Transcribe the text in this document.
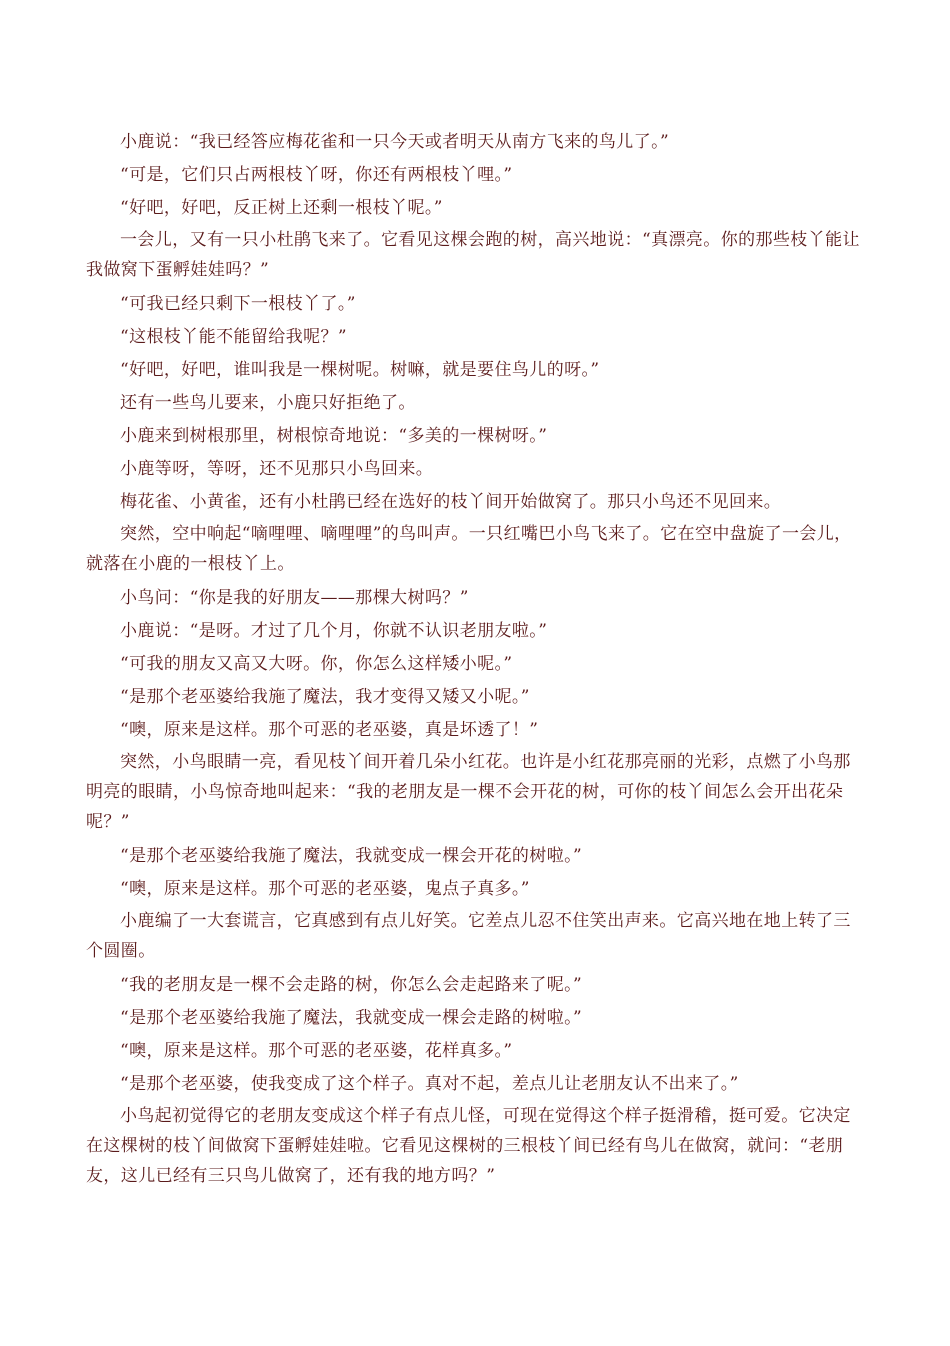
小鹿说：“我已经答应梅花雀和一只今天或者明天从南方飞来的鸟儿了。”

“可是，它们只占两根枝丫呀，你还有两根枝丫哩。”

“好吧，好吧，反正树上还剩一根枝丫呢。”

一会儿，又有一只小杜鹃飞来了。它看见这棵会跑的树，高兴地说：“真漂亮。你的那些枝丫能让我做窝下蛋孵娃娃吗？”

“可我已经只剩下一根枝丫了。”

“这根枝丫能不能留给我呢？”

“好吧，好吧，谁叫我是一棵树呢。树嘛，就是要住鸟儿的呀。”

还有一些鸟儿要来，小鹿只好拒绝了。

小鹿来到树根那里，树根惊奇地说：“多美的一棵树呀。”

小鹿等呀，等呀，还不见那只小鸟回来。

梅花雀、小黄雀，还有小杜鹃已经在选好的枝丫间开始做窝了。那只小鸟还不见回来。

突然，空中响起“嘀哩哩、嘀哩哩”的鸟叫声。一只红嘴巴小鸟飞来了。它在空中盘旋了一会儿，就落在小鹿的一根枝丫上。

小鸟问：“你是我的好朋友——那棵大树吗？”

小鹿说：“是呀。才过了几个月，你就不认识老朋友啦。”

“可我的朋友又高又大呀。你，你怎么这样矮小呢。”

“是那个老巫婆给我施了魔法，我才变得又矮又小呢。”

“噢，原来是这样。那个可恶的老巫婆，真是坏透了！”

突然，小鸟眼睛一亮，看见枝丫间开着几朵小红花。也许是小红花那亮丽的光彩，点燃了小鸟那明亮的眼睛，小鸟惊奇地叫起来：“我的老朋友是一棵不会开花的树，可你的枝丫间怎么会开出花朵呢？”

“是那个老巫婆给我施了魔法，我就变成一棵会开花的树啦。”

“噢，原来是这样。那个可恶的老巫婆，鬼点子真多。”

小鹿编了一大套谎言，它真感到有点儿好笑。它差点儿忍不住笑出声来。它高兴地在地上转了三个圆圈。

“我的老朋友是一棵不会走路的树，你怎么会走起路来了呢。”

“是那个老巫婆给我施了魔法，我就变成一棵会走路的树啦。”

“噢，原来是这样。那个可恶的老巫婆，花样真多。”

“是那个老巫婆，使我变成了这个样子。真对不起，差点儿让老朋友认不出来了。”

小鸟起初觉得它的老朋友变成这个样子有点儿怪，可现在觉得这个样子挺滑稽，挺可爱。它决定在这棵树的枝丫间做窝下蛋孵娃娃啦。它看见这棵树的三根枝丫间已经有鸟儿在做窝，就问：“老朋友，这儿已经有三只鸟儿做窝了，还有我的地方吗？”
